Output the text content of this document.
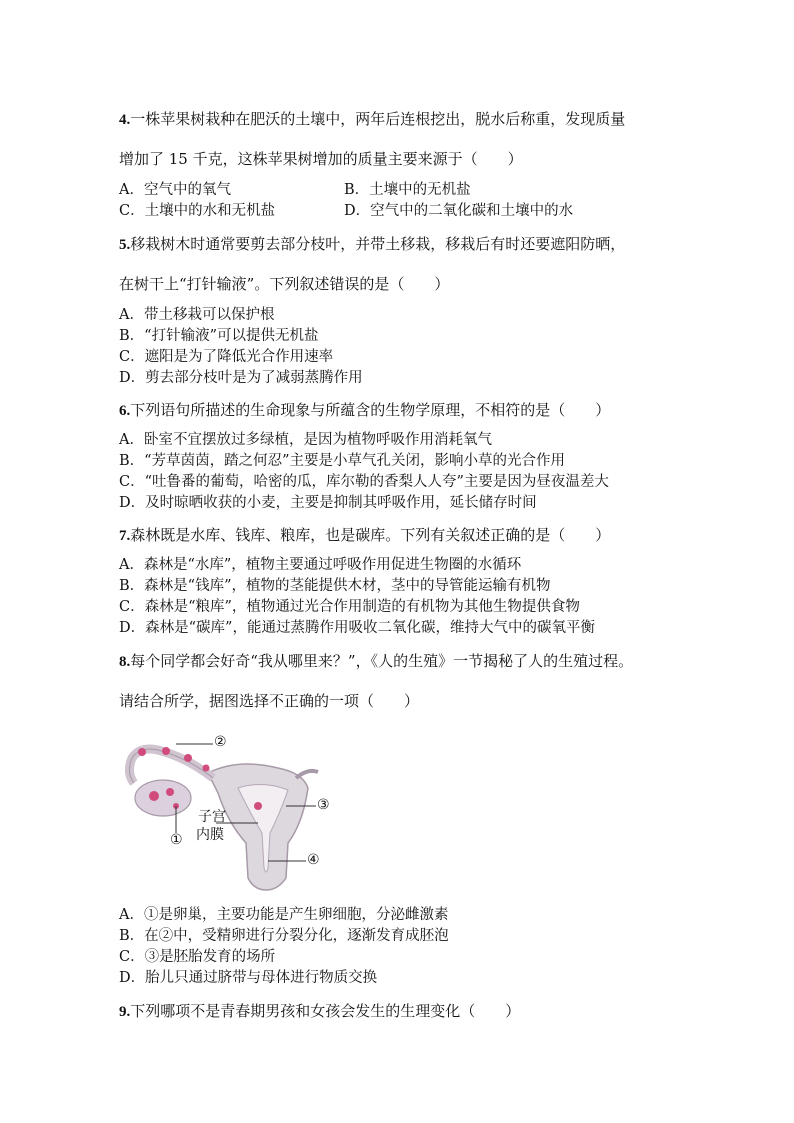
4.一株苹果树栽种在肥沃的土壤中，两年后连根挖出，脱水后称重，发现质量
增加了 15 千克，这株苹果树增加的质量主要来源于（　　）
A．空气中的氧气	B．土壤中的无机盐
C．土壤中的水和无机盐	D．空气中的二氧化碳和土壤中的水
5.移栽树木时通常要剪去部分枝叶，并带土移栽，移栽后有时还要遮阳防晒，
在树干上“打针输液”。下列叙述错误的是（　　）
A．带土移栽可以保护根
B．“打针输液”可以提供无机盐
C．遮阳是为了降低光合作用速率
D．剪去部分枝叶是为了减弱蒸腾作用
6.下列语句所描述的生命现象与所蕴含的生物学原理，不相符的是（　　）
A．卧室不宜摆放过多绿植，是因为植物呼吸作用消耗氧气
B．“芳草茵茵，踏之何忍”主要是小草气孔关闭，影响小草的光合作用
C．“吐鲁番的葡萄，哈密的瓜，库尔勒的香梨人人夸”主要是因为昼夜温差大
D．及时晾晒收获的小麦，主要是抑制其呼吸作用，延长储存时间
7.森林既是水库、钱库、粮库，也是碳库。下列有关叙述正确的是（　　）
A．森林是“水库”，植物主要通过呼吸作用促进生物圈的水循环
B．森林是“钱库”，植物的茎能提供木材，茎中的导管能运输有机物
C．森林是“粮库”，植物通过光合作用制造的有机物为其他生物提供食物
D．森林是“碳库”，能通过蒸腾作用吸收二氧化碳，维持大气中的碳氧平衡
8.每个同学都会好奇“我从哪里来？”，《人的生殖》一节揭秘了人的生殖过程。
请结合所学，据图选择不正确的一项（　　）
②
①
③
④
子宫
内膜
A．①是卵巢，主要功能是产生卵细胞，分泌雌激素
B．在②中，受精卵进行分裂分化，逐渐发育成胚泡
C．③是胚胎发育的场所
D．胎儿只通过脐带与母体进行物质交换
9.下列哪项不是青春期男孩和女孩会发生的生理变化（　　）
